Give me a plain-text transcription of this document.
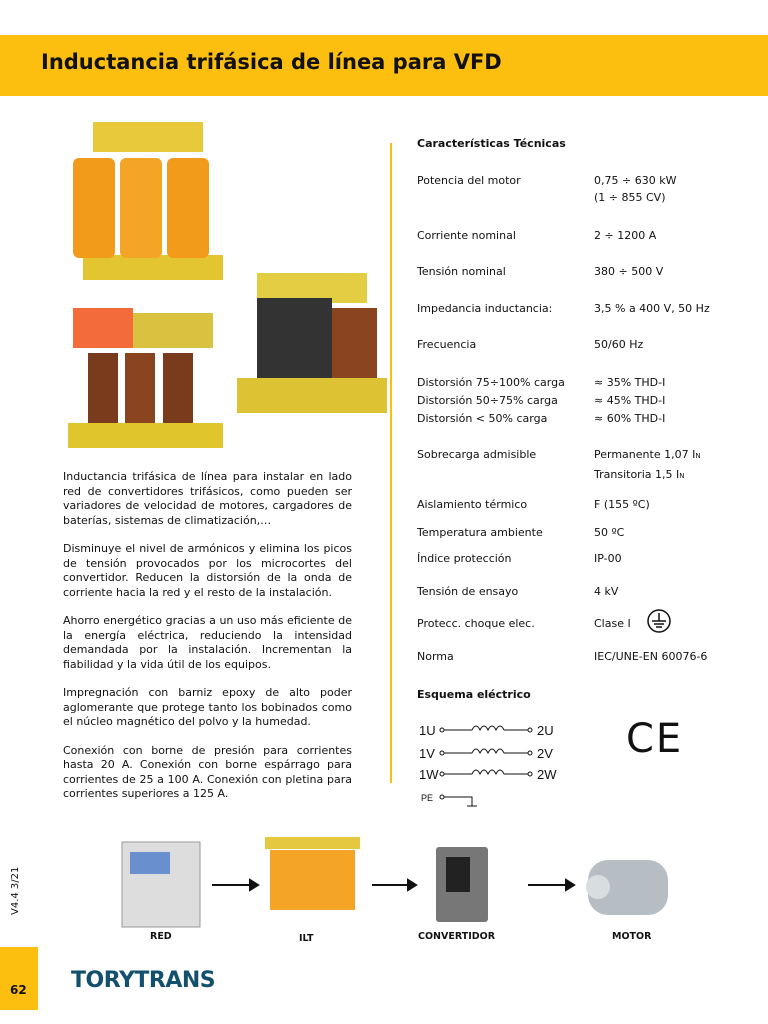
Inductancia trifásica de línea para VFD

Inductancia trifásica de línea para instalar en lado red de convertidores trifásicos, como pueden ser variadores de velocidad de motores, cargadores de baterías, sistemas de climatización,…

Disminuye el nivel de armónicos y elimina los picos de tensión provocados por los microcortes del convertidor. Reducen la distorsión de la onda de corriente hacia la red y el resto de la instalación.

Ahorro energético gracias a un uso más eficiente de la energía eléctrica, reduciendo la intensidad demandada por la instalación. Incrementan la fiabilidad y la vida útil de los equipos.

Impregnación con barniz epoxy de alto poder aglomerante que protege tanto los bobinados como el núcleo magnético del polvo y la humedad.

Conexión con borne de presión para corrientes hasta 20 A. Conexión con borne espárrago para corrientes de 25 a 100 A. Conexión con pletina para corrientes superiores a 125 A.

Características Técnicas
Potencia del motor	0,75 ÷ 630 kW
(1 ÷ 855 CV)
Corriente nominal	2 ÷ 1200 A
Tensión nominal	380 ÷ 500 V
Impedancia inductancia:	3,5 % a 400 V, 50 Hz
Frecuencia	50/60 Hz
Distorsión 75÷100% carga	≈ 35% THD-I
Distorsión 50÷75% carga	≈ 45% THD-I
Distorsión < 50% carga	≈ 60% THD-I
Sobrecarga admisible	Permanente 1,07 IN
Transitoria 1,5 IN
Aislamiento térmico	F (155 ºC)
Temperatura ambiente	50 ºC
Índice protección	IP-00
Tensión de ensayo	4 kV
Protecc. choque elec.	Clase I
Norma	IEC/UNE-EN 60076-6
Esquema eléctrico
1U
1V
1W
2U
2V
2W
PE
CE
RED	ILT	CONVERTIDOR	MOTOR
V4.4 3/21
62 TORYTRANS
